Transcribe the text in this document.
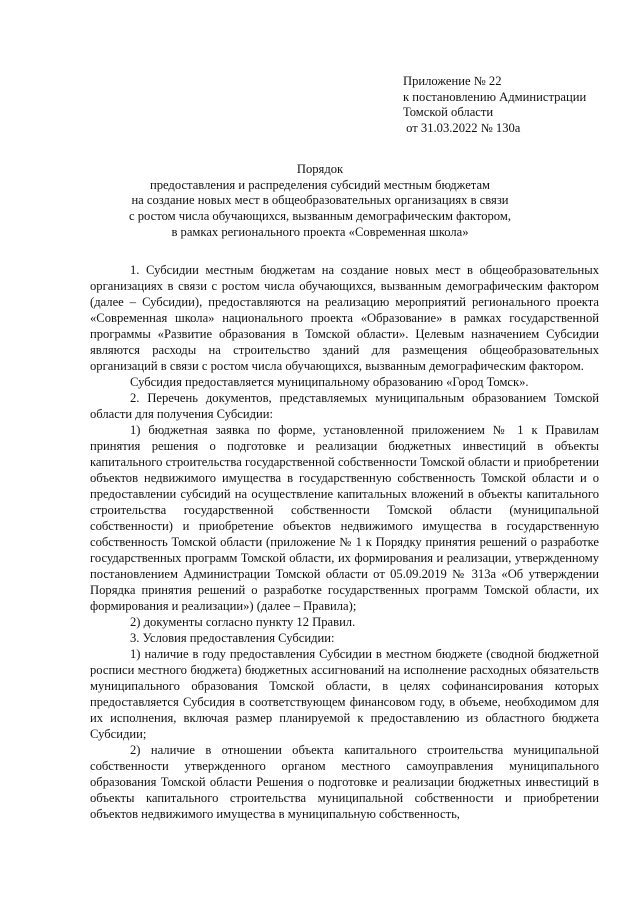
Приложение № 22
к постановлению Администрации
Томской области
от 31.03.2022 № 130а
Порядок
предоставления и распределения субсидий местным бюджетам
на создание новых мест в общеобразовательных организациях в связи
с ростом числа обучающихся, вызванным демографическим фактором,
в рамках регионального проекта «Современная школа»

1. Субсидии местным бюджетам на создание новых мест в общеобразовательных организациях в связи с ростом числа обучающихся, вызванным демографическим фактором (далее – Субсидии), предоставляются на реализацию мероприятий регионального проекта «Современная школа» национального проекта «Образование» в рамках государственной программы «Развитие образования в Томской области». Целевым назначением Субсидии являются расходы на строительство зданий для размещения общеобразовательных организаций в связи с ростом числа обучающихся, вызванным демографическим фактором.

Субсидия предоставляется муниципальному образованию «Город Томск».

2. Перечень документов, представляемых муниципальным образованием Томской области для получения Субсидии:

1) бюджетная заявка по форме, установленной приложением № 1 к Правилам принятия решения о подготовке и реализации бюджетных инвестиций в объекты капитального строительства государственной собственности Томской области и приобретении объектов недвижимого имущества в государственную собственность Томской области и о предоставлении субсидий на осуществление капитальных вложений в объекты капитального строительства государственной собственности Томской области (муниципальной собственности) и приобретение объектов недвижимого имущества в государственную собственность Томской области (приложение № 1 к Порядку принятия решений о разработке государственных программ Томской области, их формирования и реализации, утвержденному постановлением Администрации Томской области от 05.09.2019 № 313а «Об утверждении Порядка принятия решений о разработке государственных программ Томской области, их формирования и реализации») (далее – Правила);

2) документы согласно пункту 12 Правил.

3. Условия предоставления Субсидии:

1) наличие в году предоставления Субсидии в местном бюджете (сводной бюджетной росписи местного бюджета) бюджетных ассигнований на исполнение расходных обязательств муниципального образования Томской области, в целях софинансирования которых предоставляется Субсидия в соответствующем финансовом году, в объеме, необходимом для их исполнения, включая размер планируемой к предоставлению из областного бюджета Субсидии;

2) наличие в отношении объекта капитального строительства муниципальной собственности утвержденного органом местного самоуправления муниципального образования Томской области Решения о подготовке и реализации бюджетных инвестиций в объекты капитального строительства муниципальной собственности и приобретении объектов недвижимого имущества в муниципальную собственность,
